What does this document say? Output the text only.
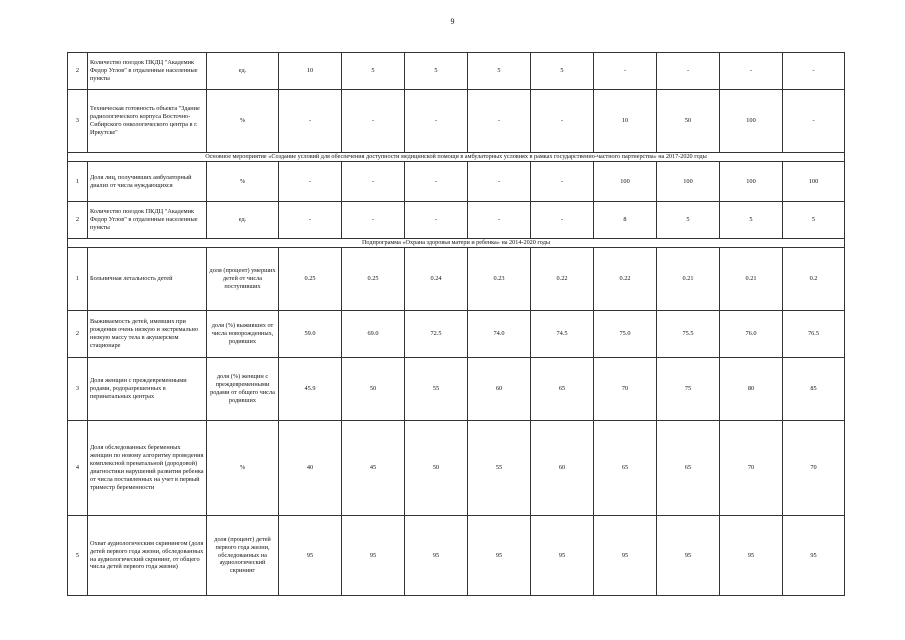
9
2	Количество поездок ПКДЦ "Академик Федор Углов" в отдаленные населенные пункты	ед.	10	5	5	5	5	-	-	-	-
3	Техническая готовность объекта "Здание радиологического корпуса Восточно-Сибирского онкологического центра в г. Иркутске"	%	-	-	-	-	-	10	50	100	-
Основное мероприятие «Создание условий для обеспечения доступности медицинской помощи в амбулаторных условиях в рамках государственно-частного партнерства» на 2017-2020 годы											
1	Доля лиц, получивших амбулаторный диализ от числа нуждающихся	%	-	-	-	-	-	100	100	100	100
2	Количество поездок ПКДЦ "Академик Федор Углов" в отдаленные населенные пункты	ед.	-	-	-	-	-	8	5	5	5
Подпрограмма «Охрана здоровья матери и ребенка» на 2014-2020 годы											
1	Больничная летальность детей	доля (процент) умерших детей от числа поступивших	0.25	0.25	0.24	0.23	0.22	0.22	0.21	0.21	0.2
2	Выживаемость детей, имевших при рождении очень низкую и экстремально низкую массу тела в акушерском стационаре	доля (%) выживших от числа новорожденных, родивших	59.0	69.0	72.5	74.0	74.5	75.0	75.5	76.0	76.5
3	Доля женщин с преждевременными родами, родоразрешенных в перинатальных центрах	доля (%) женщин с преждевременными родами от общего числа родивших	45.9	50	55	60	65	70	75	80	85
4	Доля обследованных беременных женщин по новому алгоритму проведения комплексной пренатальной (дородовой) диагностики нарушений развития ребенка от числа поставленных на учет в первый триместр беременности	%	40	45	50	55	60	65	65	70	70
5	Охват аудиологическим скринингом (доля детей первого года жизни, обследованных на аудиологический скрининг, от общего числа детей первого года жизни)	доля (процент) детей первого года жизни, обследованных на аудиологический скрининг	95	95	95	95	95	95	95	95	95
